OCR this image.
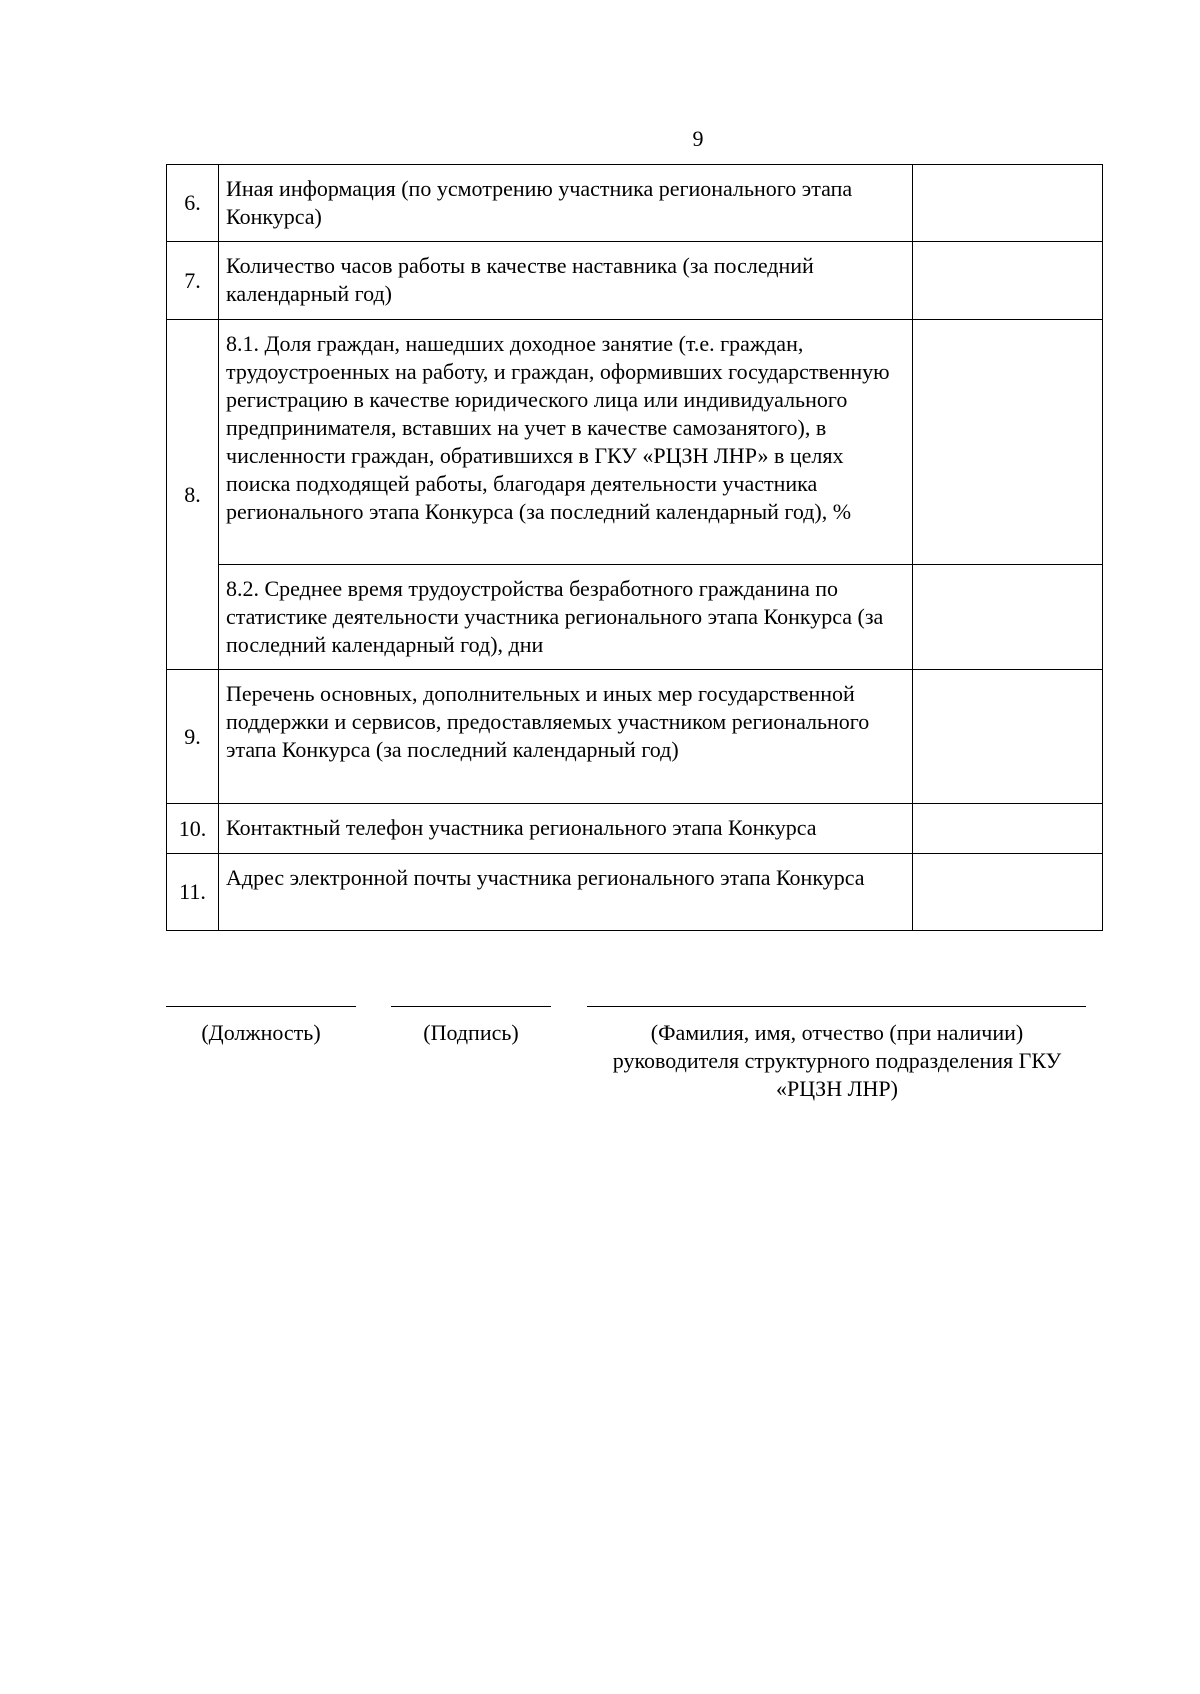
9
6.	Иная информация (по усмотрению участника регионального этапа Конкурса)	
7.	Количество часов работы в качестве наставника (за последний календарный год)	
8.	8.1. Доля граждан, нашедших доходное занятие (т.е. граждан, трудоустроенных на работу, и граждан, оформивших государственную регистрацию в качестве юридического лица или индивидуального предпринимателя, вставших на учет в качестве самозанятого), в численности граждан, обратившихся в ГКУ «РЦЗН ЛНР» в целях поиска подходящей работы, благодаря деятельности участника регионального этапа Конкурса (за последний календарный год), %	
	8.2. Среднее время трудоустройства безработного гражданина по статистике деятельности участника регионального этапа Конкурса (за последний календарный год), дни	
9.	Перечень основных, дополнительных и иных мер государственной поддержки и сервисов, предоставляемых участником регионального этапа Конкурса (за последний календарный год)	
10.	Контактный телефон участника регионального этапа Конкурса	
11.	Адрес электронной почты участника регионального этапа Конкурса	
(Должность)	(Подпись)	(Фамилия, имя, отчество (при наличии) руководителя структурного подразделения ГКУ «РЦЗН ЛНР)
